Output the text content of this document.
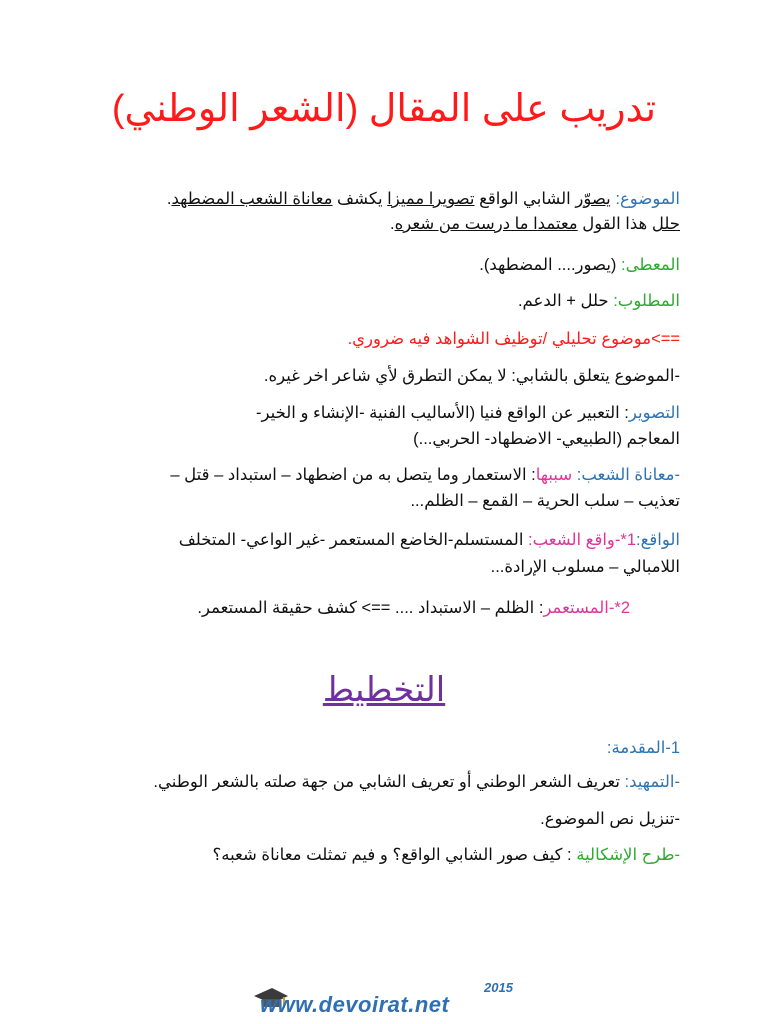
تدريب على المقال (الشعر الوطني)
الموضوع: يصوّر الشابي الواقع تصويرا مميزا يكشف معاناة الشعب المضطهد.
حلل هذا القول معتمدا ما درست من شعره.
المعطى: (يصور.... المضطهد).
المطلوب: حلل + الدعم.
==>موضوع تحليلي /توظيف الشواهد فيه ضروري.
-الموضوع يتعلق بالشابي: لا يمكن التطرق لأي شاعر اخر غيره.
التصوير: التعبير عن الواقع فنيا (الأساليب الفنية -الإنشاء و الخير-
المعاجم (الطبيعي- الاضطهاد- الحربي...)
-معاناة الشعب: سببها: الاستعمار وما يتصل به من اضطهاد – استبداد – قتل –
تعذيب – سلب الحرية – القمع – الظلم...
الواقع:1*-واقع الشعب: المستسلم-الخاضع المستعمر -غير الواعي- المتخلف
اللامبالي – مسلوب الإرادة...
2*-المستعمر: الظلم – الاستبداد .... ==> كشف حقيقة المستعمر.
التخطيط
1-المقدمة:
-التمهيد: تعريف الشعر الوطني أو تعريف الشابي من جهة صلته بالشعر الوطني.
-تنزيل نص الموضوع.
-طرح الإشكالية : كيف صور الشابي الواقع؟ و فيم تمثلت معاناة شعبه؟
www.devoirat.net
2015
